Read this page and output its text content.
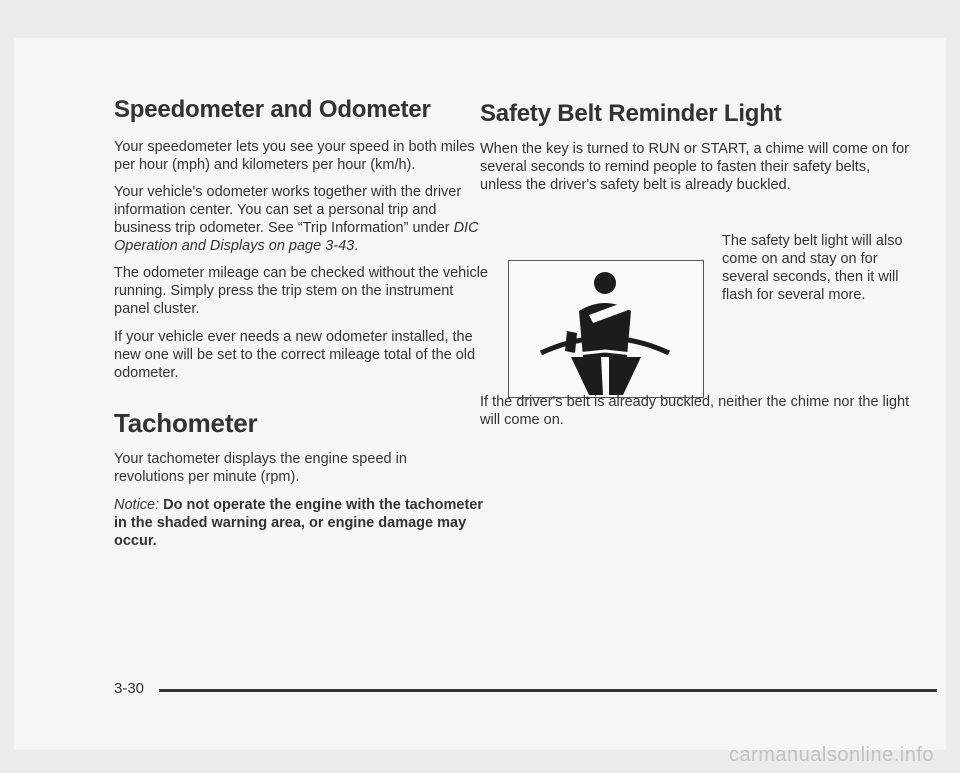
Speedometer and Odometer

Your speedometer lets you see your speed in both miles per hour (mph) and kilometers per hour (km/h).

Your vehicle's odometer works together with the driver information center. You can set a personal trip and business trip odometer. See “Trip Information” under DIC Operation and Displays on page 3-43.

The odometer mileage can be checked without the vehicle running. Simply press the trip stem on the instrument panel cluster.

If your vehicle ever needs a new odometer installed, the new one will be set to the correct mileage total of the old odometer.

Tachometer

Your tachometer displays the engine speed in revolutions per minute (rpm).

Notice: Do not operate the engine with the tachometer in the shaded warning area, or engine damage may occur.

Safety Belt Reminder Light

When the key is turned to RUN or START, a chime will come on for several seconds to remind people to fasten their safety belts, unless the driver's safety belt is already buckled.

The safety belt light will also come on and stay on for several seconds, then it will flash for several more.

If the driver's belt is already buckled, neither the chime nor the light will come on.

3-30
carmanualsonline.info
